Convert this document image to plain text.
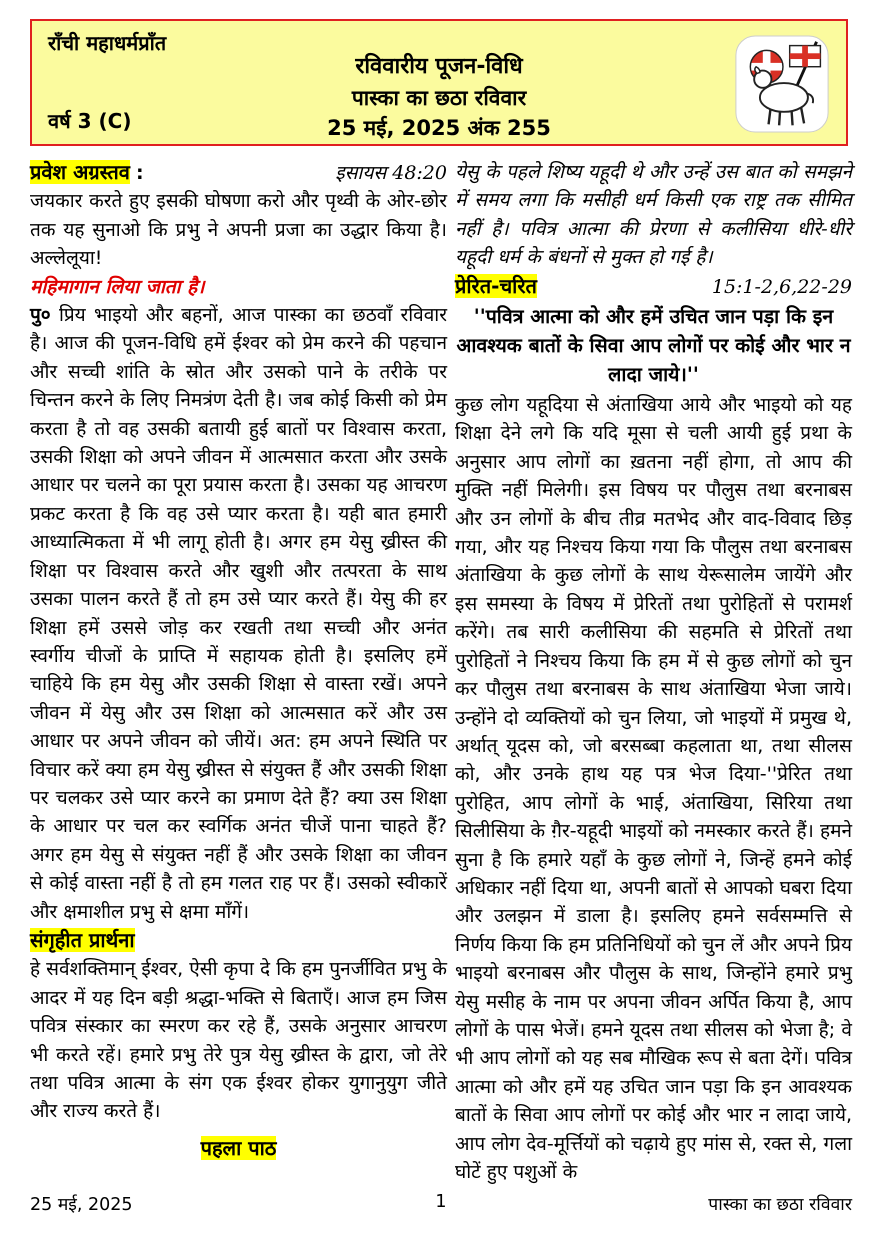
राँची महाधर्मप्राँत
रविवारीय पूजन-विधि
पास्का का छठा रविवार
25 मई, 2025 अंक 255
वर्ष 3 (C)
प्रवेश अग्रस्तव :	इसायस 48:20

जयकार करते हुए इसकी घोषणा करो और पृथ्वी के ओर-छोर तक यह सुनाओ कि प्रभु ने अपनी प्रजा का उद्धार किया है। अल्लेलूया!

महिमागान लिया जाता है।

पु० प्रिय भाइयो और बहनों, आज पास्का का छठवाँ रविवार है। आज की पूजन-विधि हमें ईश्वर को प्रेम करने की पहचान और सच्ची शांति के स्रोत और उसको पाने के तरीके पर चिन्तन करने के लिए निमत्रंण देती है। जब कोई किसी को प्रेम करता है तो वह उसकी बतायी हुई बातों पर विश्वास करता, उसकी शिक्षा को अपने जीवन में आत्मसात करता और उसके आधार पर चलने का पूरा प्रयास करता है। उसका यह आचरण प्रकट करता है कि वह उसे प्यार करता है। यही बात हमारी आध्यात्मिकता में भी लागू होती है। अगर हम येसु ख्रीस्त की शिक्षा पर विश्वास करते और खुशी और तत्परता के साथ उसका पालन करते हैं तो हम उसे प्यार करते हैं। येसु की हर शिक्षा हमें उससे जोड़ कर रखती तथा सच्ची और अनंत स्वर्गीय चीजों के प्राप्ति में सहायक होती है। इसलिए हमें चाहिये कि हम येसु और उसकी शिक्षा से वास्ता रखें। अपने जीवन में येसु और उस शिक्षा को आत्मसात करें और उस आधार पर अपने जीवन को जीयें। अत: हम अपने स्थिति पर विचार करें क्या हम येसु ख्रीस्त से संयुक्त हैं और उसकी शिक्षा पर चलकर उसे प्यार करने का प्रमाण देते हैं? क्या उस शिक्षा के आधार पर चल कर स्वर्गिक अनंत चीजें पाना चाहते हैं? अगर हम येसु से संयुक्त नहीं हैं और उसके शिक्षा का जीवन से कोई वास्ता नहीं है तो हम गलत राह पर हैं। उसको स्वीकारें और क्षमाशील प्रभु से क्षमा माँगें।

संगृहीत प्रार्थना

हे सर्वशक्तिमान् ईश्वर, ऐसी कृपा दे कि हम पुनर्जीवित प्रभु के आदर में यह दिन बड़ी श्रद्धा-भक्ति से बिताएँ। आज हम जिस पवित्र संस्कार का स्मरण कर रहे हैं, उसके अनुसार आचरण भी करते रहें। हमारे प्रभु तेरे पुत्र येसु ख्रीस्त के द्वारा, जो तेरे तथा पवित्र आत्मा के संग एक ईश्वर होकर युगानुयुग जीते और राज्य करते हैं।

पहला पाठ

येसु के पहले शिष्य यहूदी थे और उन्हें उस बात को समझने में समय लगा कि मसीही धर्म किसी एक राष्ट्र तक सीमित नहीं है। पवित्र आत्मा की प्रेरणा से कलीसिया धीरे-धीरे यहूदी धर्म के बंधनों से मुक्त हो गई है।

प्रेरित-चरित	15:1-2,6,22-29

''पवित्र आत्मा को और हमें उचित जान पड़ा कि इन आवश्यक बातों के सिवा आप लोगों पर कोई और भार न लादा जाये।''

कुछ लोग यहूदिया से अंताखिया आये और भाइयो को यह शिक्षा देने लगे कि यदि मूसा से चली आयी हुई प्रथा के अनुसार आप लोगों का ख़तना नहीं होगा, तो आप की मुक्ति नहीं मिलेगी। इस विषय पर पौलुस तथा बरनाबस और उन लोगों के बीच तीव्र मतभेद और वाद-विवाद छिड़ गया, और यह निश्चय किया गया कि पौलुस तथा बरनाबस अंताखिया के कुछ लोगों के साथ येरूसालेम जायेंगे और इस समस्या के विषय में प्रेरितों तथा पुरोहितों से परामर्श करेंगे। तब सारी कलीसिया की सहमति से प्रेरितों तथा पुरोहितों ने निश्चय किया कि हम में से कुछ लोगों को चुन कर पौलुस तथा बरनाबस के साथ अंताखिया भेजा जाये। उन्होंने दो व्यक्तियों को चुन लिया, जो भाइयों में प्रमुख थे, अर्थात् यूदस को, जो बरसब्बा कहलाता था, तथा सीलस को, और उनके हाथ यह पत्र भेज दिया-''प्रेरित तथा पुरोहित, आप लोगों के भाई, अंताखिया, सिरिया तथा सिलीसिया के ग़ैर-यहूदी भाइयों को नमस्कार करते हैं। हमने सुना है कि हमारे यहाँ के कुछ लोगों ने, जिन्हें हमने कोई अधिकार नहीं दिया था, अपनी बातों से आपको घबरा दिया और उलझन में डाला है। इसलिए हमने सर्वसम्मत्ति से निर्णय किया कि हम प्रतिनिधियों को चुन लें और अपने प्रिय भाइयो बरनाबस और पौलुस के साथ, जिन्होंने हमारे प्रभु येसु मसीह के नाम पर अपना जीवन अर्पित किया है, आप लोगों के पास भेजें। हमने यूदस तथा सीलस को भेजा है; वे भी आप लोगों को यह सब मौखिक रूप से बता देगें। पवित्र आत्मा को और हमें यह उचित जान पड़ा कि इन आवश्यक बातों के सिवा आप लोगों पर कोई और भार न लादा जाये, आप लोग देव-मूर्त्तियों को चढ़ाये हुए मांस से, रक्त से, गला घोटें हुए पशुओं के

1
25 मई, 2025	पास्का का छठा रविवार
